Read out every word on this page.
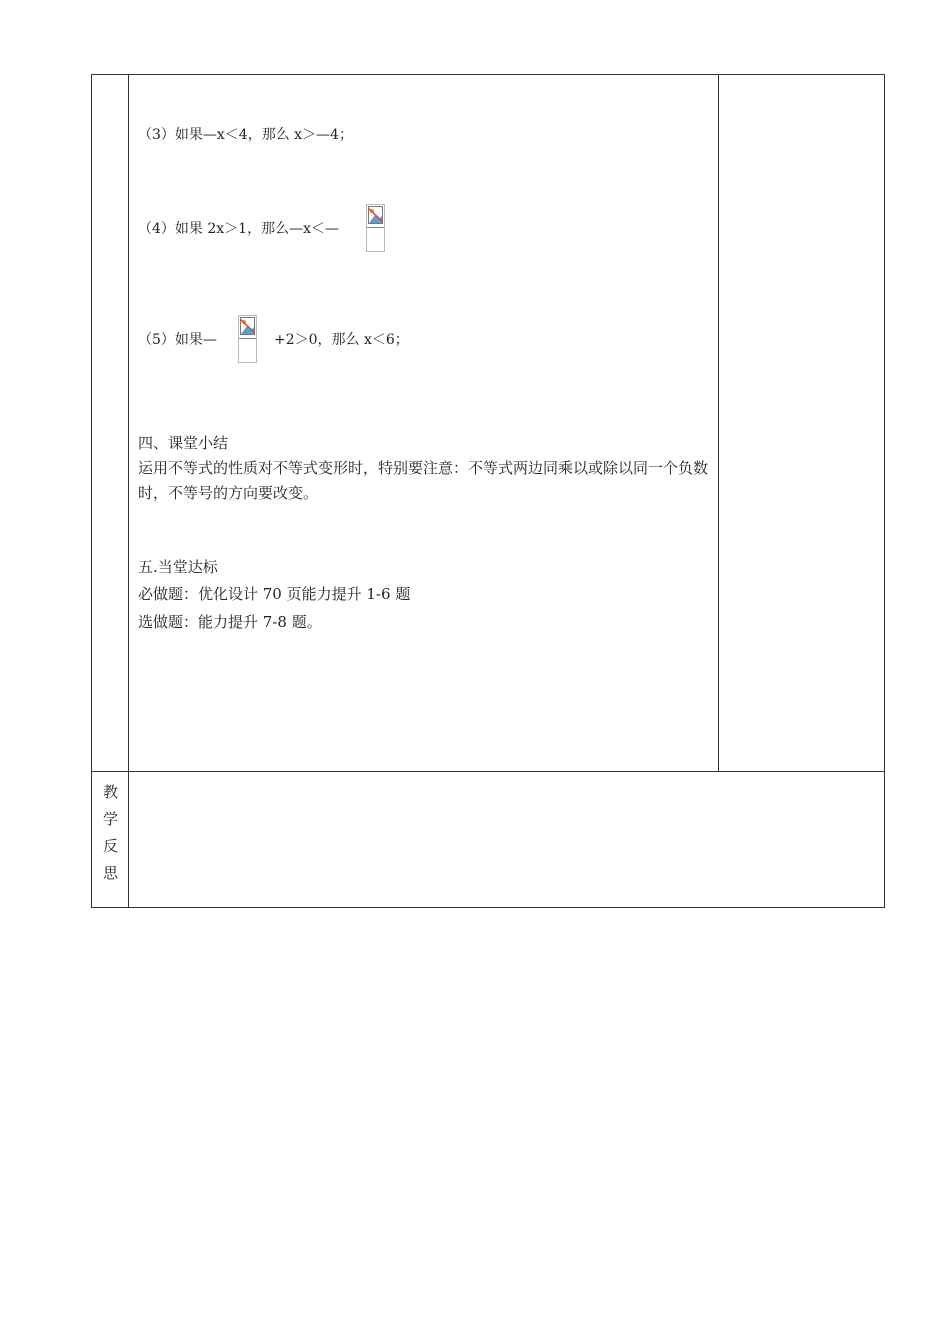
（3）如果—x＜4，那么 x＞—4；
（4）如果 2x＞1，那么—x＜—
（5）如果—	+2＞0，那么 x＜6；
四、课堂小结
运用不等式的性质对不等式变形时，特别要注意：不等式两边同乘以或除以同一个负数时，不等号的方向要改变。
五.当堂达标
必做题：优化设计 70 页能力提升 1-6 题
选做题：能力提升 7-8 题。
教
学
反
思
